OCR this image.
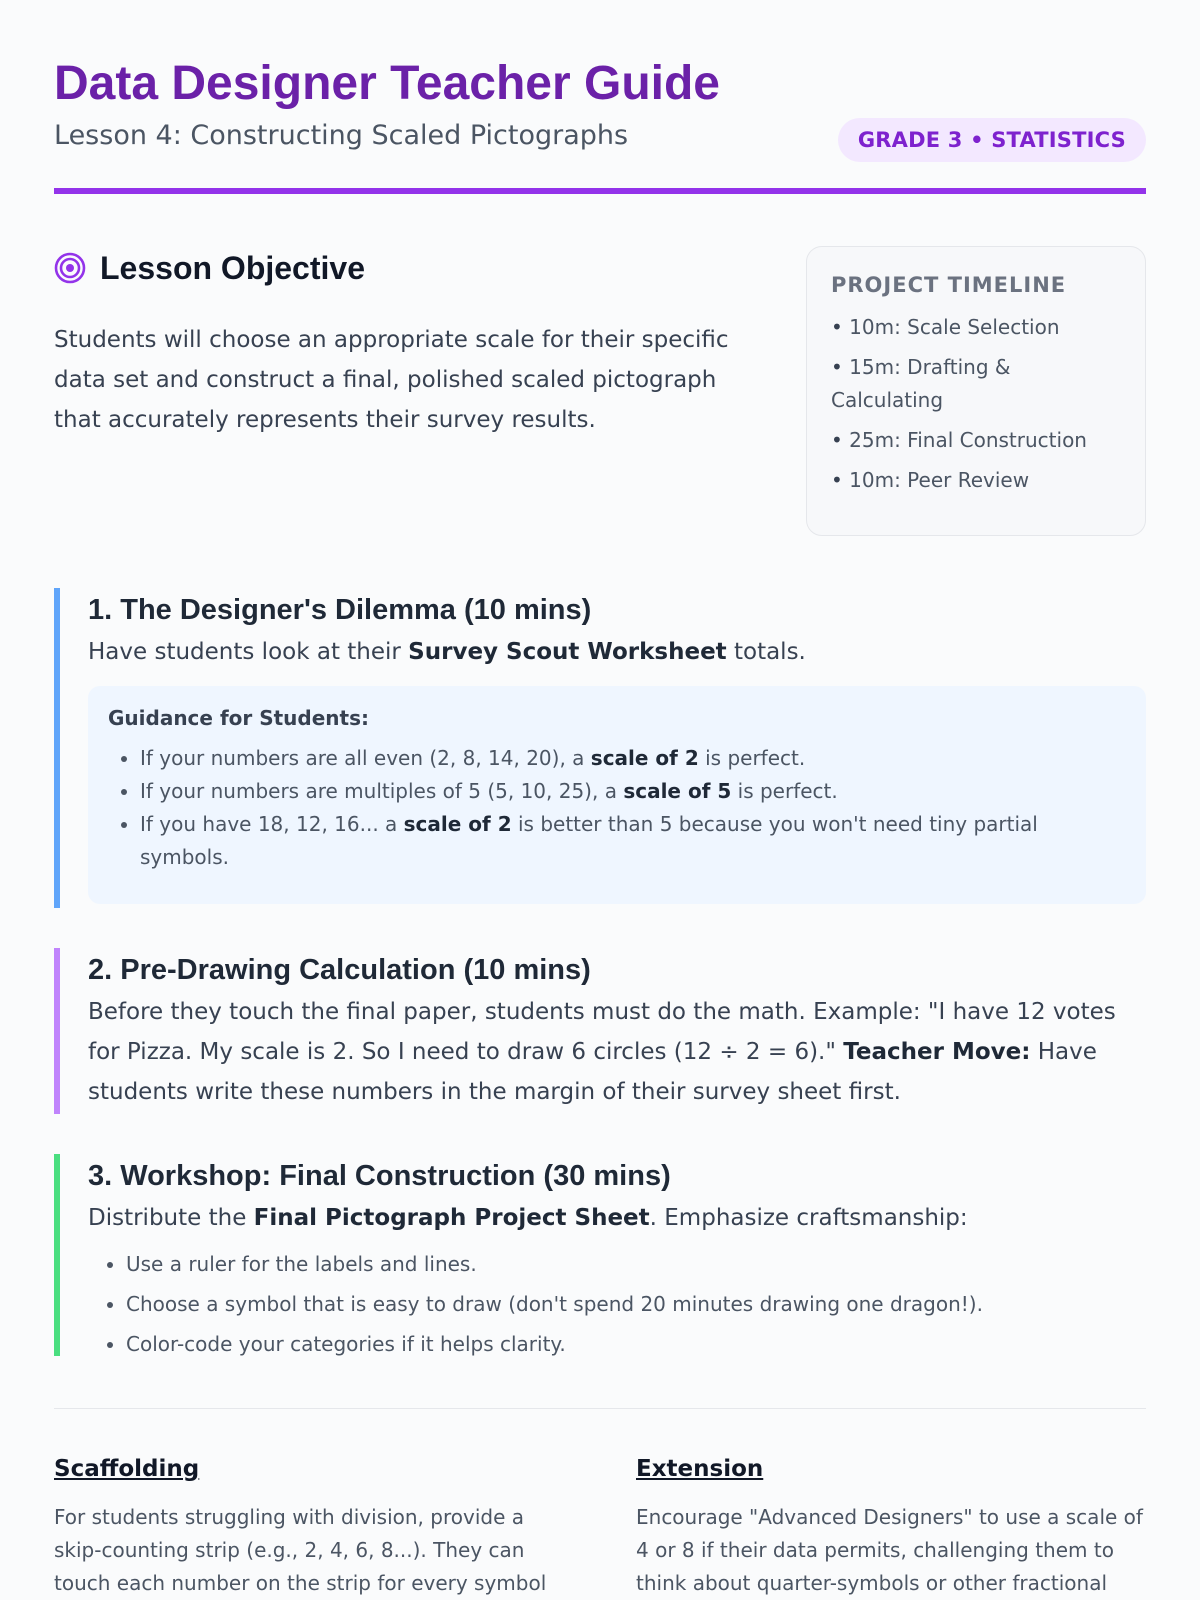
Data Designer Teacher Guide
Lesson 4: Constructing Scaled Pictographs	GRADE 3 • STATISTICS
Lesson Objective

Students will choose an appropriate scale for their specific data set and construct a final, polished scaled pictograph that accurately represents their survey results.

PROJECT TIMELINE
• 10m: Scale Selection
• 15m: Drafting & Calculating
• 25m: Final Construction
• 10m: Peer Review
1. The Designer's Dilemma (10 mins)
Have students look at their Survey Scout Worksheet totals.
Guidance for Students:
• If your numbers are all even (2, 8, 14, 20), a scale of 2 is perfect.
• If your numbers are multiples of 5 (5, 10, 25), a scale of 5 is perfect.
• If you have 18, 12, 16... a scale of 2 is better than 5 because you won't need tiny partial symbols.
2. Pre-Drawing Calculation (10 mins)
Before they touch the final paper, students must do the math. Example: "I have 12 votes for Pizza. My scale is 2. So I need to draw 6 circles (12 ÷ 2 = 6)." Teacher Move: Have students write these numbers in the margin of their survey sheet first.
3. Workshop: Final Construction (30 mins)
Distribute the Final Pictograph Project Sheet. Emphasize craftsmanship:
• Use a ruler for the labels and lines.
• Choose a symbol that is easy to draw (don't spend 20 minutes drawing one dragon!).
• Color-code your categories if it helps clarity.
Scaffolding

For students struggling with division, provide a skip-counting strip (e.g., 2, 4, 6, 8...). They can touch each number on the strip for every symbol

Extension

Encourage "Advanced Designers" to use a scale of 4 or 8 if their data permits, challenging them to think about quarter-symbols or other fractional
